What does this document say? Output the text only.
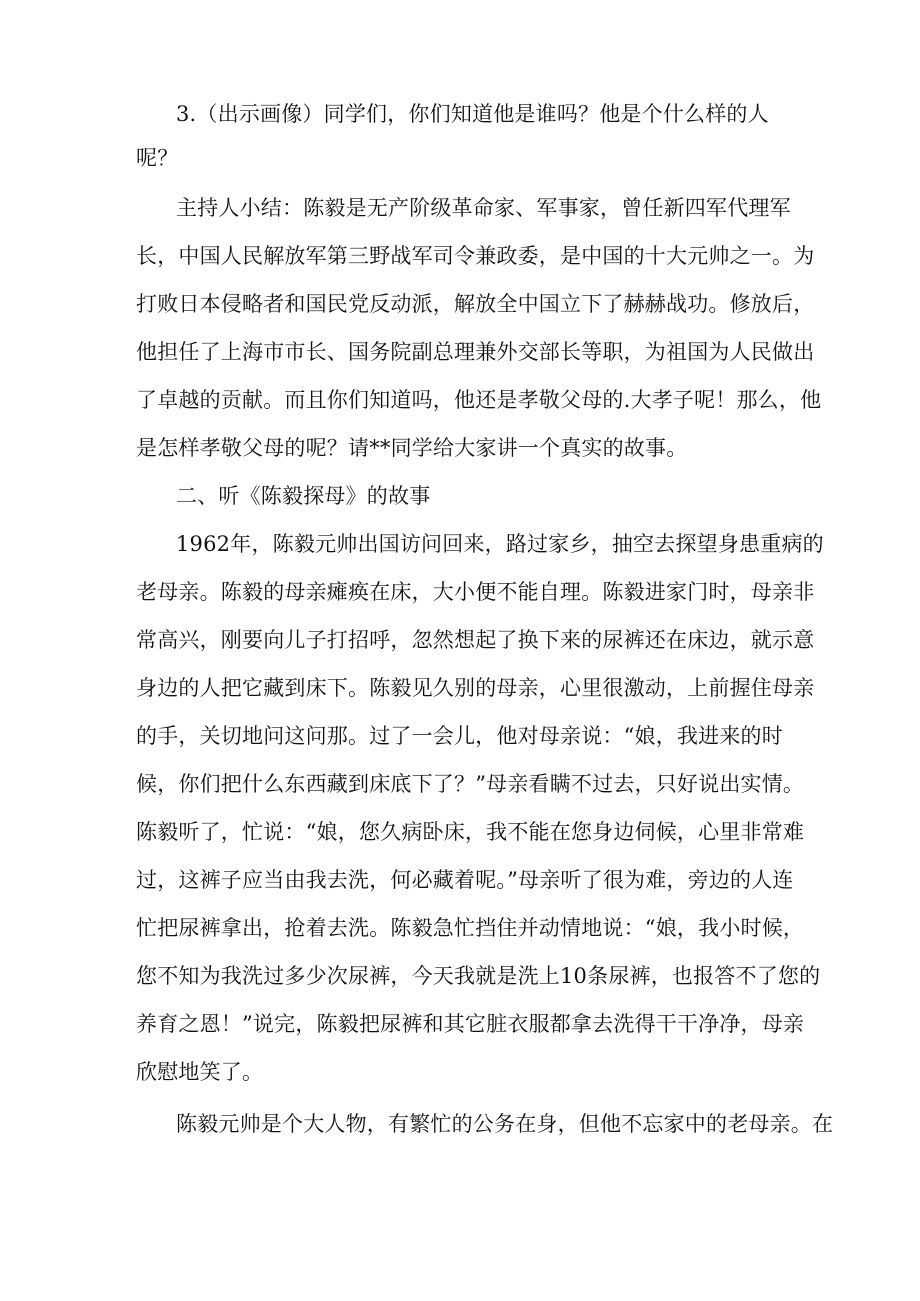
3.（出示画像）同学们，你们知道他是谁吗？他是个什么样的人
呢？
主持人小结：陈毅是无产阶级革命家、军事家，曾任新四军代理军
长，中国人民解放军第三野战军司令兼政委，是中国的十大元帅之一。为
打败日本侵略者和国民党反动派，解放全中国立下了赫赫战功。修放后，
他担任了上海市市长、国务院副总理兼外交部长等职，为祖国为人民做出
了卓越的贡献。而且你们知道吗，他还是孝敬父母的.大孝子呢！那么，他
是怎样孝敬父母的呢？请**同学给大家讲一个真实的故事。
二、听《陈毅探母》的故事
1962年，陈毅元帅出国访问回来，路过家乡，抽空去探望身患重病的
老母亲。陈毅的母亲瘫痪在床，大小便不能自理。陈毅进家门时，母亲非
常高兴，刚要向儿子打招呼，忽然想起了换下来的尿裤还在床边，就示意
身边的人把它藏到床下。陈毅见久别的母亲，心里很激动，上前握住母亲
的手，关切地问这问那。过了一会儿，他对母亲说：“娘，我进来的时
候，你们把什么东西藏到床底下了？”母亲看瞒不过去，只好说出实情。
陈毅听了，忙说：“娘，您久病卧床，我不能在您身边伺候，心里非常难
过，这裤子应当由我去洗，何必藏着呢。”母亲听了很为难，旁边的人连
忙把尿裤拿出，抢着去洗。陈毅急忙挡住并动情地说：“娘，我小时候，
您不知为我洗过多少次尿裤，今天我就是洗上10条尿裤，也报答不了您的
养育之恩！”说完，陈毅把尿裤和其它脏衣服都拿去洗得干干净净，母亲
欣慰地笑了。
陈毅元帅是个大人物，有繁忙的公务在身，但他不忘家中的老母亲。在
